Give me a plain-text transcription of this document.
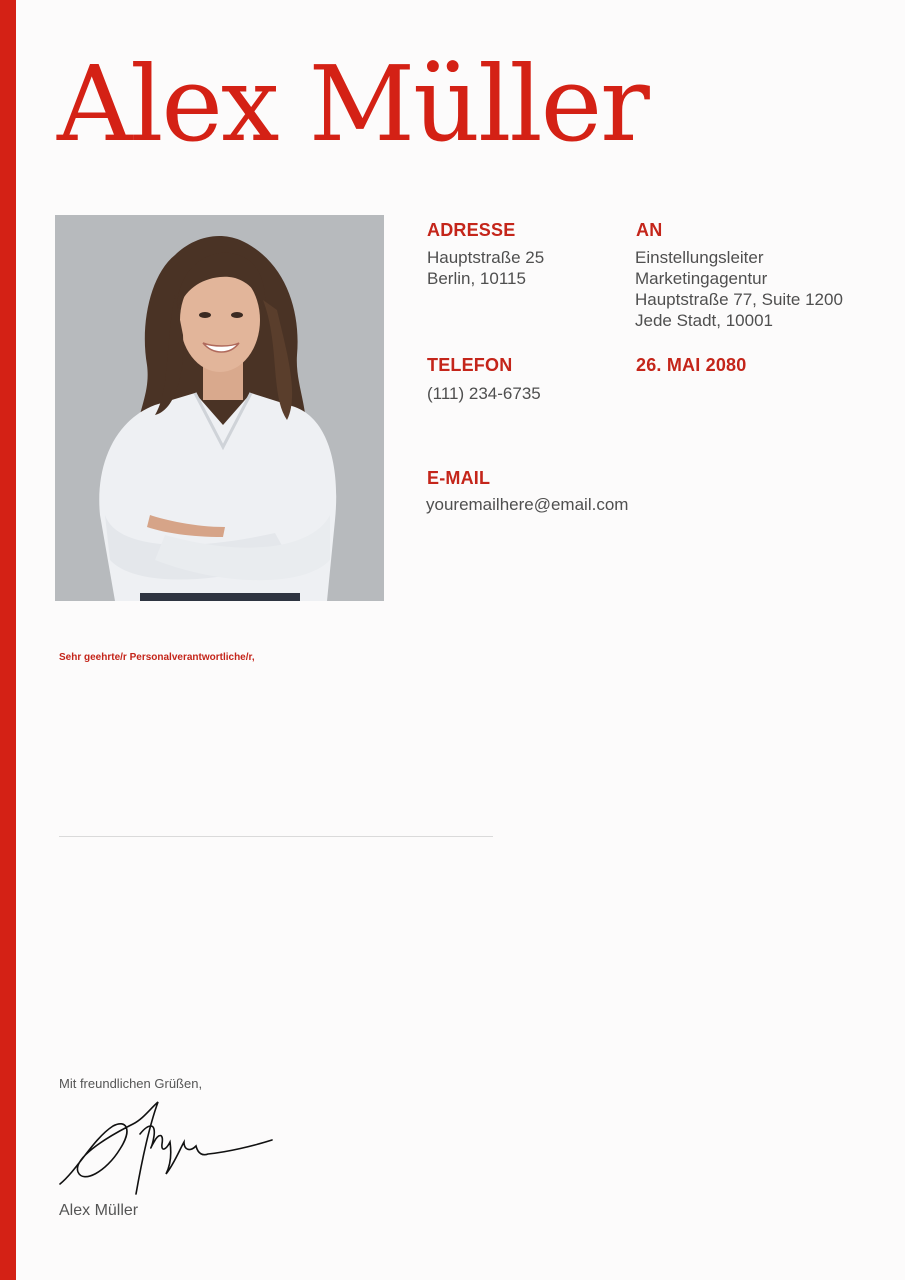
Alex Müller
ADRESSE
Hauptstraße 25
Berlin, 10115
AN
Einstellungsleiter
Marketingagentur
Hauptstraße 77, Suite 1200
Jede Stadt, 10001
TELEFON
(111) 234-6735
26. MAI 2080
E-MAIL
youremailhere@email.com
Sehr geehrte/r Personalverantwortliche/r,
Mit freundlichen Grüßen,
Alex Müller
